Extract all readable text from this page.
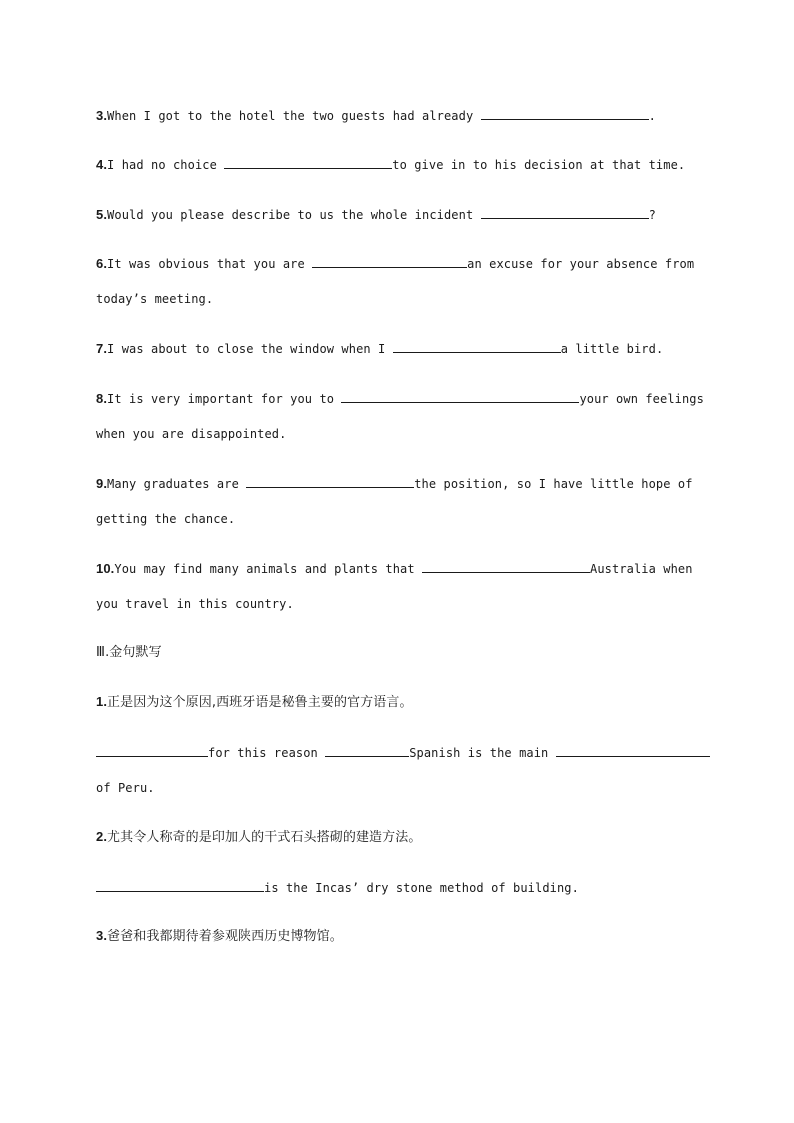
3.When I got to the hotel the two guests had already	.
4.I had no choice	to give in to his decision at that time.
5.Would you please describe to us the whole incident	?
6.It was obvious that you are	an excuse for your absence from
today’s meeting.
7.I was about to close the window when I	a little bird.
8.It is very important for you to	your own feelings
when you are disappointed.
9.Many graduates are	the position, so I have little hope of
getting the chance.
10.You may find many animals and plants that	Australia when
you travel in this country.
Ⅲ.金句默写
1.正是因为这个原因,西班牙语是秘鲁主要的官方语言。
for this reason	Spanish is the main
of Peru.
2.尤其令人称奇的是印加人的干式石头搭砌的建造方法。
is the Incas’ dry stone method of building.
3.爸爸和我都期待着参观陕西历史博物馆。
